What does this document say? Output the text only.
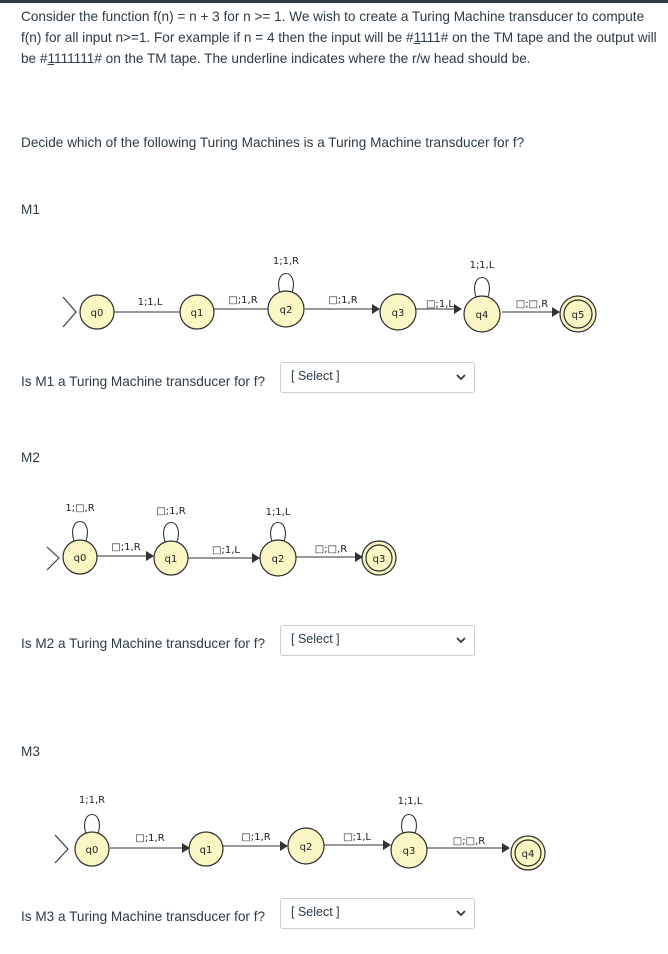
Consider the function f(n) = n + 3 for n >= 1. We wish to create a Turing Machine transducer to compute f(n) for all input n>=1. For example if n = 4 then the input will be #1111# on the TM tape and the output will be #1111111# on the TM tape. The underline indicates where the r/w head should be.

Decide which of the following Turing Machines is a Turing Machine transducer for f?

M1
q0	q1	q2	q3	q4	q5
1;1,L	□;1,R	□;1,R	□;1,L	□;□,R
1;1,R	1;1,L
Is M1 a Turing Machine transducer for f? [ Select ]
M2
q0	q1	q2	q3
□;1,R	□;1,L	□;□,R
1;□,R	□;1,R	1;1,L
Is M2 a Turing Machine transducer for f? [ Select ]
M3
q0	q1	q2	q3	q4
□;1,R	□;1,R	□;1,L	□;□,R
1;1,R	1;1,L
Is M3 a Turing Machine transducer for f? [ Select ]
